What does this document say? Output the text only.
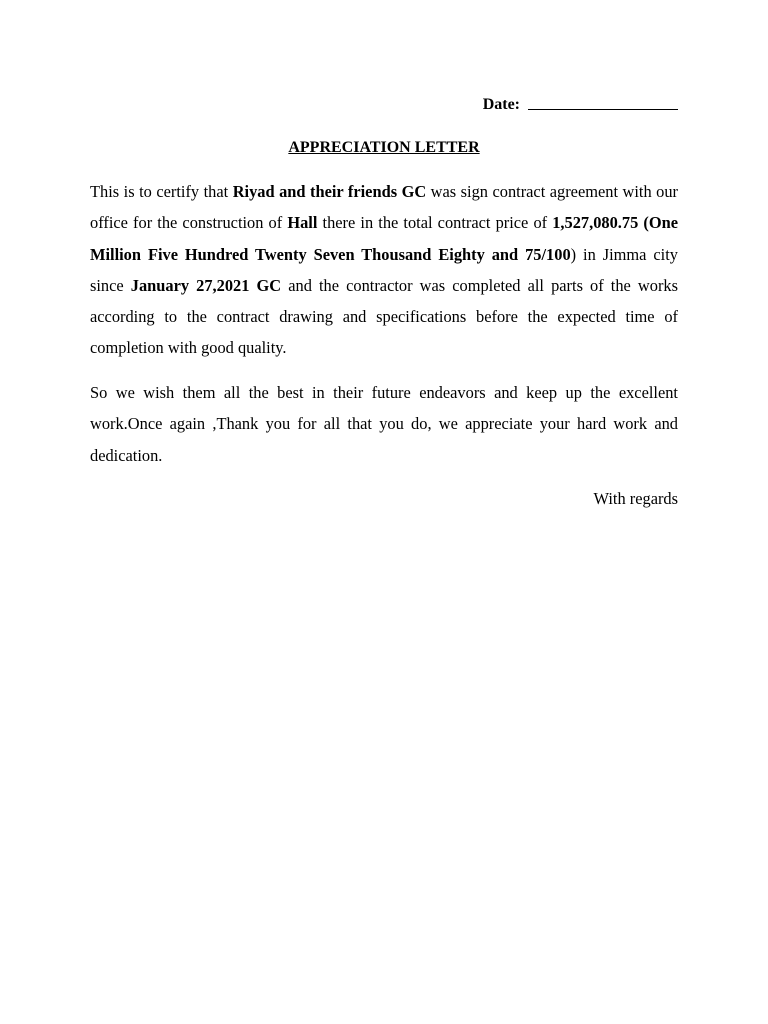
Date:
APPRECIATION LETTER

This is to certify that Riyad and their friends GC was sign contract agreement with our office for the construction of Hall there in the total contract price of 1,527,080.75 (One Million Five Hundred Twenty Seven Thousand Eighty and 75/100) in Jimma city since January 27,2021 GC and the contractor was completed all parts of the works according to the contract drawing and specifications before the expected time of completion with good quality.

So we wish them all the best in their future endeavors and keep up the excellent work.Once again ,Thank you for all that you do, we appreciate your hard work and dedication.

With regards
